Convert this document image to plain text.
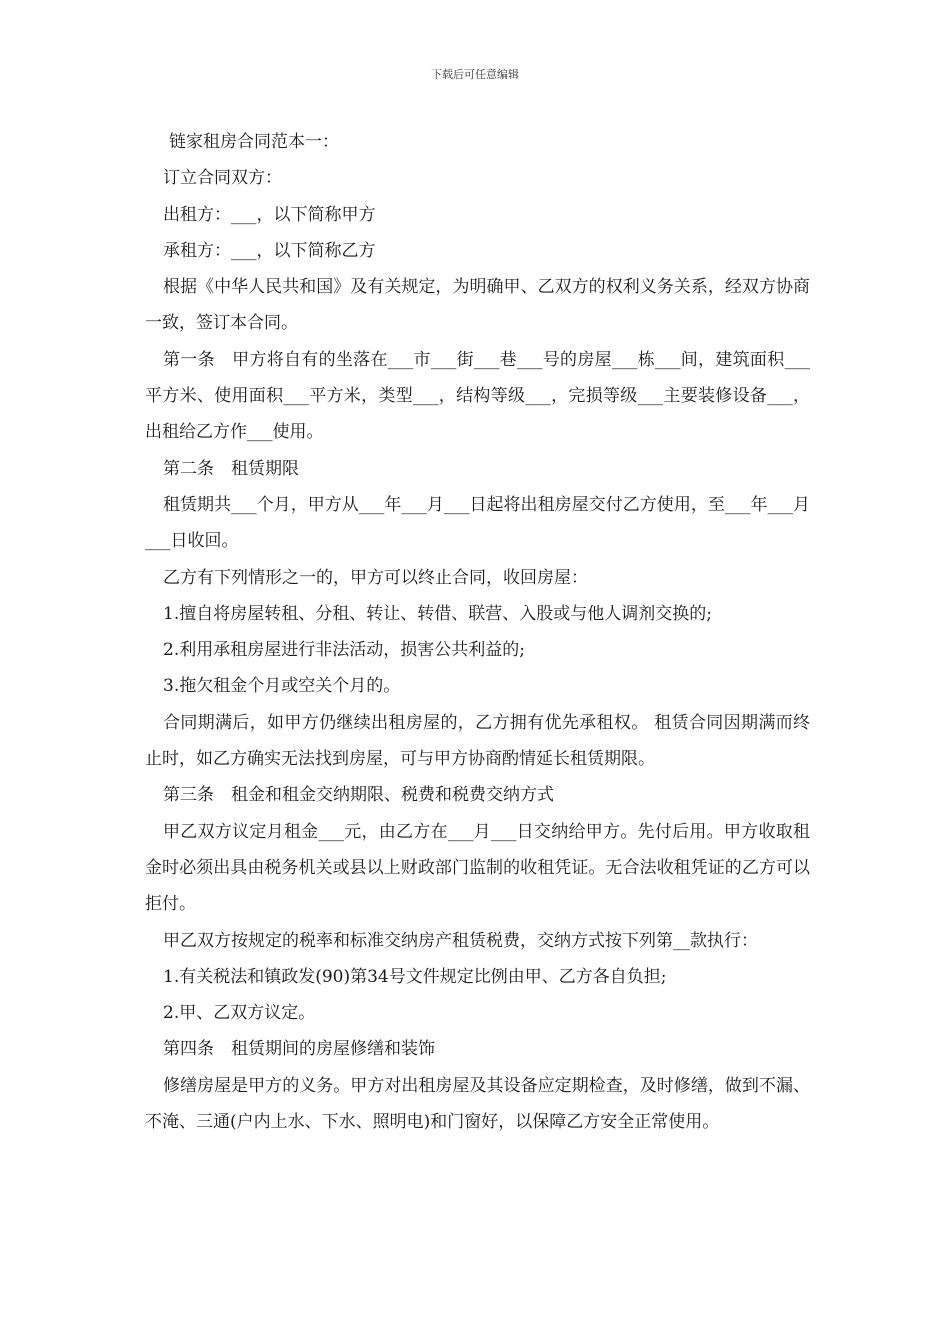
下载后可任意编辑

链家租房合同范本一：

订立合同双方：

出租方：___，以下简称甲方

承租方：___，以下简称乙方

根据《中华人民共和国》及有关规定，为明确甲、乙双方的权利义务关系，经双方协商一致，签订本合同。

第一条　甲方将自有的坐落在___市___街___巷___号的房屋___栋___间，建筑面积___平方米、使用面积___平方米，类型___，结构等级___，完损等级___主要装修设备___，出租给乙方作___使用。

第二条　租赁期限

租赁期共___个月，甲方从___年___月___日起将出租房屋交付乙方使用，至___年___月___日收回。

乙方有下列情形之一的，甲方可以终止合同，收回房屋：

1.擅自将房屋转租、分租、转让、转借、联营、入股或与他人调剂交换的;

2.利用承租房屋进行非法活动，损害公共利益的;

3.拖欠租金个月或空关个月的。

合同期满后，如甲方仍继续出租房屋的，乙方拥有优先承租权。 租赁合同因期满而终止时，如乙方确实无法找到房屋，可与甲方协商酌情延长租赁期限。

第三条　租金和租金交纳期限、税费和税费交纳方式

甲乙双方议定月租金___元，由乙方在___月___日交纳给甲方。先付后用。甲方收取租金时必须出具由税务机关或县以上财政部门监制的收租凭证。无合法收租凭证的乙方可以拒付。

甲乙双方按规定的税率和标准交纳房产租赁税费，交纳方式按下列第__款执行：

1.有关税法和镇政发(90)第34号文件规定比例由甲、乙方各自负担;

2.甲、乙双方议定。

第四条　租赁期间的房屋修缮和装饰

修缮房屋是甲方的义务。甲方对出租房屋及其设备应定期检查，及时修缮，做到不漏、不淹、三通(户内上水、下水、照明电)和门窗好，以保障乙方安全正常使用。
